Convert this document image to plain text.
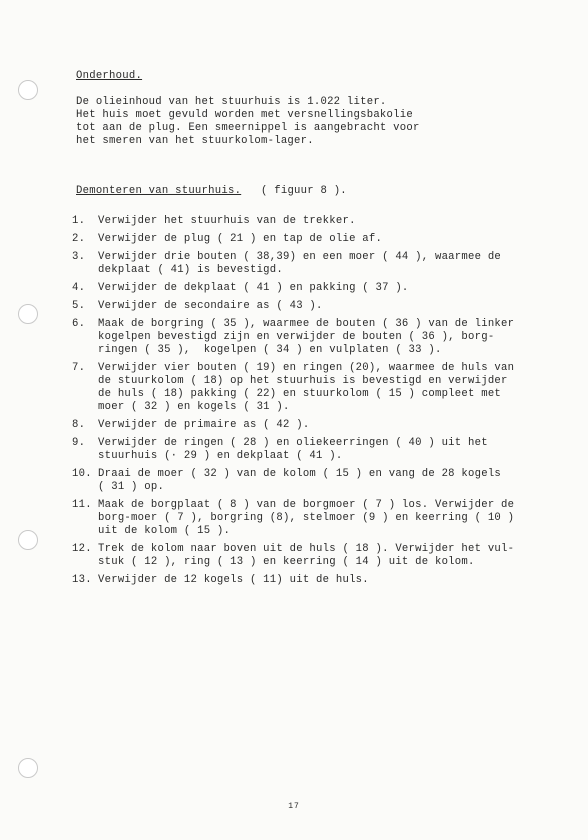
Onderhoud.

De olieinhoud van het stuurhuis is 1.022 liter.

Het huis moet gevuld worden met versnellingsbakolie

tot aan de plug. Een smeernippel is aangebracht voor

het smeren van het stuurkolom-lager.

Demonteren van stuurhuis. ( figuur 8 ).

1.	Verwijder het stuurhuis van de trekker.
2.	Verwijder de plug ( 21 ) en tap de olie af.
3.	Verwijder drie bouten ( 38,39) en een moer ( 44 ), waarmee de
dekplaat ( 41) is bevestigd.
4.	Verwijder de dekplaat ( 41 ) en pakking ( 37 ).
5.	Verwijder de secondaire as ( 43 ).
6.	Maak de borgring ( 35 ), waarmee de bouten ( 36 ) van de linker
kogelpen bevestigd zijn en verwijder de bouten ( 36 ), borg-
ringen ( 35 ),  kogelpen ( 34 ) en vulplaten ( 33 ).
7.	Verwijder vier bouten ( 19) en ringen (20), waarmee de huls van
de stuurkolom ( 18) op het stuurhuis is bevestigd en verwijder
de huls ( 18) pakking ( 22) en stuurkolom ( 15 ) compleet met
moer ( 32 ) en kogels ( 31 ).
8.	Verwijder de primaire as ( 42 ).
9.	Verwijder de ringen ( 28 ) en oliekeerringen ( 40 ) uit het
stuurhuis (· 29 ) en dekplaat ( 41 ).
10. Draai de moer ( 32 ) van de kolom ( 15 ) en vang de 28 kogels
( 31 ) op.
11. Maak de borgplaat ( 8 ) van de borgmoer ( 7 ) los. Verwijder de
borg-moer ( 7 ), borgring (8), stelmoer (9 ) en keerring ( 10 )
uit de kolom ( 15 ).
12. Trek de kolom naar boven uit de huls ( 18 ). Verwijder het vul-
stuk ( 12 ), ring ( 13 ) en keerring ( 14 ) uit de kolom.
13. Verwijder de 12 kogels ( 11) uit de huls.
17
